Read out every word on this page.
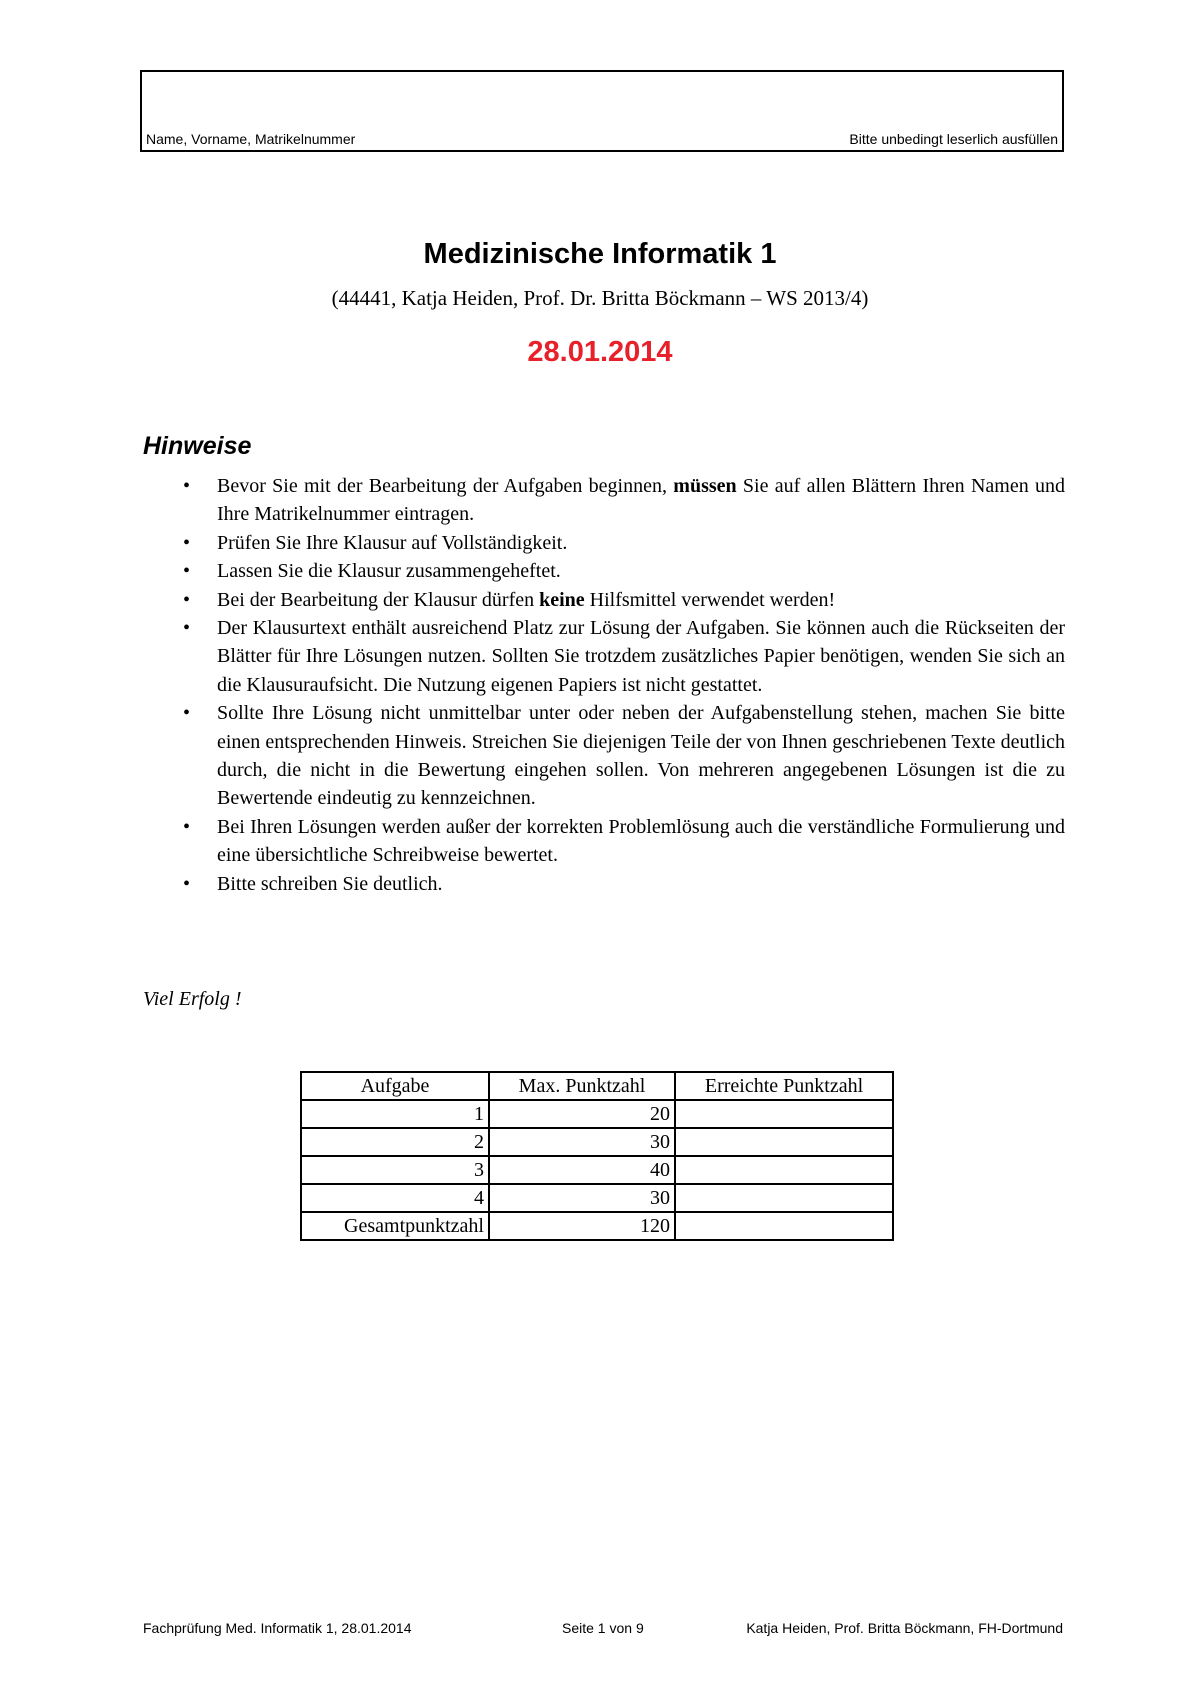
Name, Vorname, Matrikelnummer	Bitte unbedingt leserlich ausfüllen
Medizinische Informatik 1
(44441, Katja Heiden, Prof. Dr. Britta Böckmann – WS 2013/4)
28.01.2014
Hinweise
• Bevor Sie mit der Bearbeitung der Aufgaben beginnen, müssen Sie auf allen Blättern Ihren Namen und Ihre Matrikelnummer eintragen.
• Prüfen Sie Ihre Klausur auf Vollständigkeit.
• Lassen Sie die Klausur zusammengeheftet.
• Bei der Bearbeitung der Klausur dürfen keine Hilfsmittel verwendet werden!
• Der Klausurtext enthält ausreichend Platz zur Lösung der Aufgaben. Sie können auch die Rückseiten der Blätter für Ihre Lösungen nutzen. Sollten Sie trotzdem zusätzliches Papier benötigen, wenden Sie sich an die Klausuraufsicht. Die Nutzung eigenen Papiers ist nicht gestattet.
• Sollte Ihre Lösung nicht unmittelbar unter oder neben der Aufgabenstellung stehen, machen Sie bitte einen entsprechenden Hinweis. Streichen Sie diejenigen Teile der von Ihnen geschriebenen Texte deutlich durch, die nicht in die Bewertung eingehen sollen. Von mehreren angegebenen Lösungen ist die zu Bewertende eindeutig zu kennzeichnen.
• Bei Ihren Lösungen werden außer der korrekten Problemlösung auch die verständliche Formulierung und eine übersichtliche Schreibweise bewertet.
• Bitte schreiben Sie deutlich.
Viel Erfolg !
Aufgabe	Max. Punktzahl	Erreichte Punktzahl
1	20	
2	30	
3	40	
4	30	
Gesamtpunktzahl	120	
Fachprüfung Med. Informatik 1, 28.01.2014	Seite 1 von 9	Katja Heiden, Prof. Britta Böckmann, FH-Dortmund
